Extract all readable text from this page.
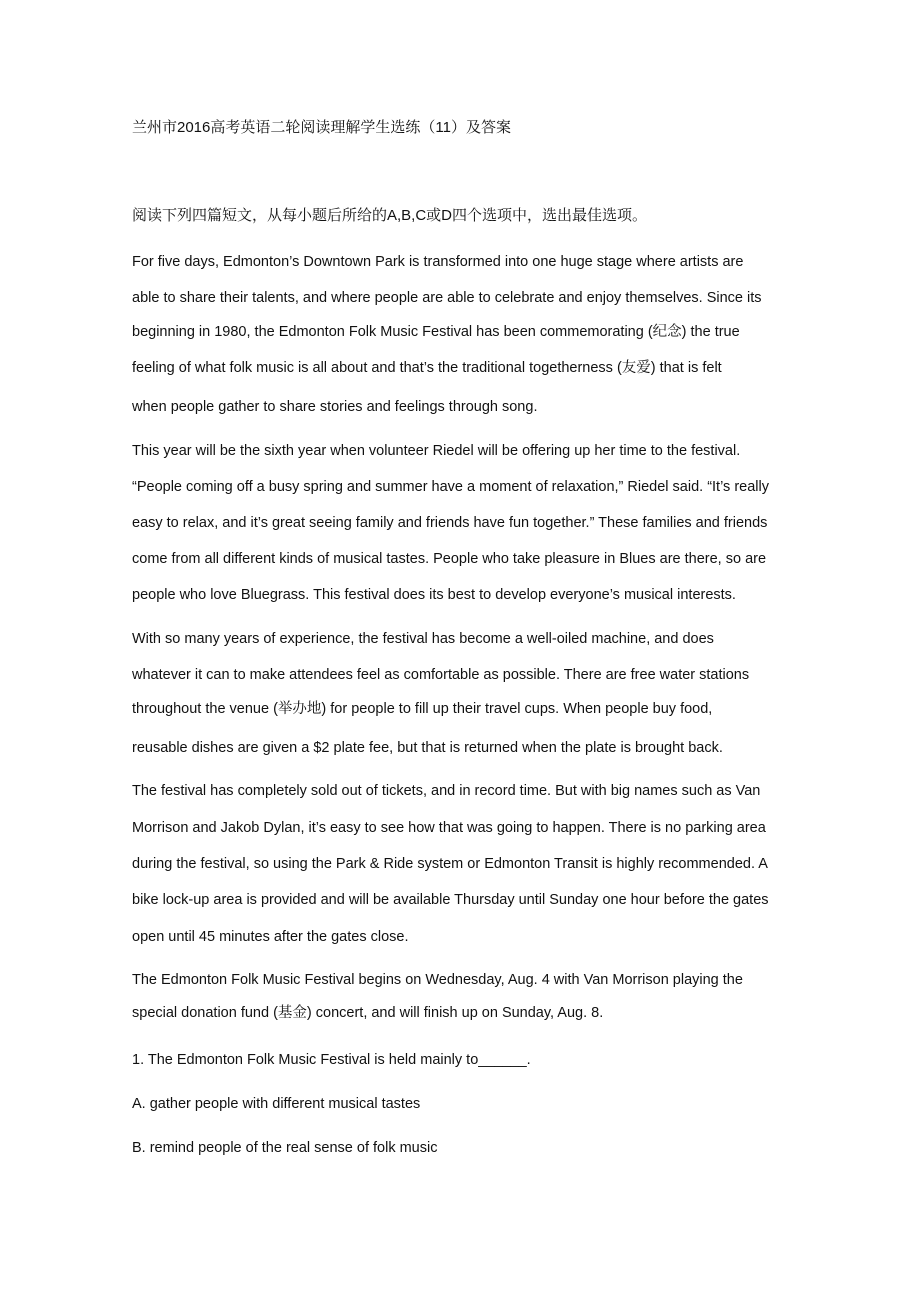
兰州市2016高考英语二轮阅读理解学生选练（11）及答案
阅读下列四篇短文，从每小题后所给的A,B,C或D四个选项中，选出最佳选项。
For five days, Edmonton’s Downtown Park is transformed into one huge stage where artists are
able to share their talents, and where people are able to celebrate and enjoy themselves. Since its
beginning in 1980, the Edmonton Folk Music Festival has been commemorating (纪念) the true
feeling of what folk music is all about and that’s the traditional togetherness (友爱) that is felt
when people gather to share stories and feelings through song.
This year will be the sixth year when volunteer Riedel will be offering up her time to the festival.
“People coming off a busy spring and summer have a moment of relaxation,” Riedel said. “It’s really
easy to relax, and it’s great seeing family and friends have fun together.” These families and friends
come from all different kinds of musical tastes. People who take pleasure in Blues are there, so are
people who love Bluegrass. This festival does its best to develop everyone’s musical interests.
With so many years of experience, the festival has become a well-oiled machine, and does
whatever it can to make attendees feel as comfortable as possible. There are free water stations
throughout the venue (举办地) for people to fill up their travel cups. When people buy food,
reusable dishes are given a $2 plate fee, but that is returned when the plate is brought back.
The festival has completely sold out of tickets, and in record time. But with big names such as Van
Morrison and Jakob Dylan, it’s easy to see how that was going to happen. There is no parking area
during the festival, so using the Park & Ride system or Edmonton Transit is highly recommended. A
bike lock-up area is provided and will be available Thursday until Sunday one hour before the gates
open until 45 minutes after the gates close.
The Edmonton Folk Music Festival begins on Wednesday, Aug. 4 with Van Morrison playing the
special donation fund (基金) concert, and will finish up on Sunday, Aug. 8.
1. The Edmonton Folk Music Festival is held mainly to______.
A. gather people with different musical tastes
B. remind people of the real sense of folk music
